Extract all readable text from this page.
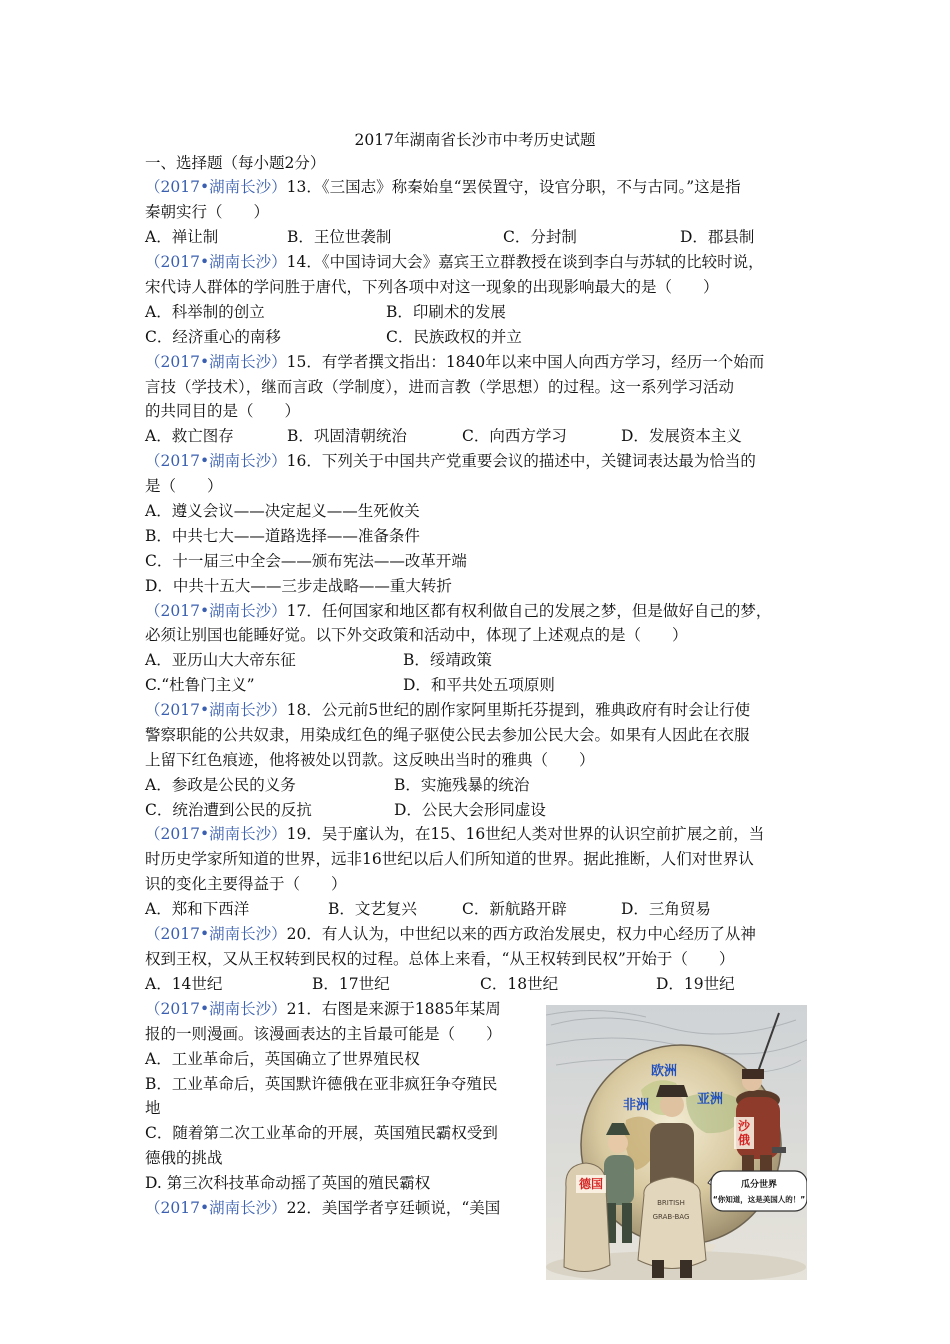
2017年湖南省长沙市中考历史试题
一、选择题（每小题2分）
（2017•湖南长沙）13．《三国志》称秦始皇“罢侯置守，设官分职，不与古同。”这是指
秦朝实行（　　）
A．禅让制	B．王位世袭制	C．分封制	D．郡县制
（2017•湖南长沙）14．《中国诗词大会》嘉宾王立群教授在谈到李白与苏轼的比较时说，
宋代诗人群体的学问胜于唐代，下列各项中对这一现象的出现影响最大的是（　　）
A．科举制的创立	B．印刷术的发展
C．经济重心的南移	C．民族政权的并立
（2017•湖南长沙）15．有学者撰文指出：1840年以来中国人向西方学习，经历一个始而
言技（学技术），继而言政（学制度），进而言教（学思想）的过程。这一系列学习活动
的共同目的是（　　）
A．救亡图存	B．巩固清朝统治	C．向西方学习	D．发展资本主义
（2017•湖南长沙）16．下列关于中国共产党重要会议的描述中，关键词表达最为恰当的
是（　　）
A．遵义会议——决定起义——生死攸关
B．中共七大——道路选择——准备条件
C．十一届三中全会——颁布宪法——改革开端
D．中共十五大——三步走战略——重大转折
（2017•湖南长沙）17．任何国家和地区都有权利做自己的发展之梦，但是做好自己的梦，
必须让别国也能睡好觉。以下外交政策和活动中，体现了上述观点的是（　　）
A．亚历山大大帝东征	B．绥靖政策
C.“杜鲁门主义”	D．和平共处五项原则
（2017•湖南长沙）18．公元前5世纪的剧作家阿里斯托芬提到，雅典政府有时会让行使
警察职能的公共奴隶，用染成红色的绳子驱使公民去参加公民大会。如果有人因此在衣服
上留下红色痕迹，他将被处以罚款。这反映出当时的雅典（　　）
A．参政是公民的义务	B．实施残暴的统治
C．统治遭到公民的反抗	D．公民大会形同虚设
（2017•湖南长沙）19．吴于廑认为，在15、16世纪人类对世界的认识空前扩展之前，当
时历史学家所知道的世界，远非16世纪以后人们所知道的世界。据此推断，人们对世界认
识的变化主要得益于（　　）
A．郑和下西洋	B．文艺复兴	C．新航路开辟	D．三角贸易
（2017•湖南长沙）20．有人认为，中世纪以来的西方政治发展史，权力中心经历了从神
权到王权，又从王权转到民权的过程。总体上来看，“从王权转到民权”开始于（　　）
A．14世纪	B．17世纪	C．18世纪	D．19世纪
（2017•湖南长沙）21．右图是来源于1885年某周
报的一则漫画。该漫画表达的主旨最可能是（　　）
A．工业革命后，英国确立了世界殖民权
B．工业革命后，英国默许德俄在亚非疯狂争夺殖民
地
C．随着第二次工业革命的开展，英国殖民霸权受到
德俄的挑战
D. 第三次科技革命动摇了英国的殖民霸权
（2017•湖南长沙）22．美国学者亨廷顿说，“美国	BRITISH
GRAB-BAG
欧洲
非洲	亚洲
沙俄
德国	瓜分世界
“你知道，这是美国人的！”
